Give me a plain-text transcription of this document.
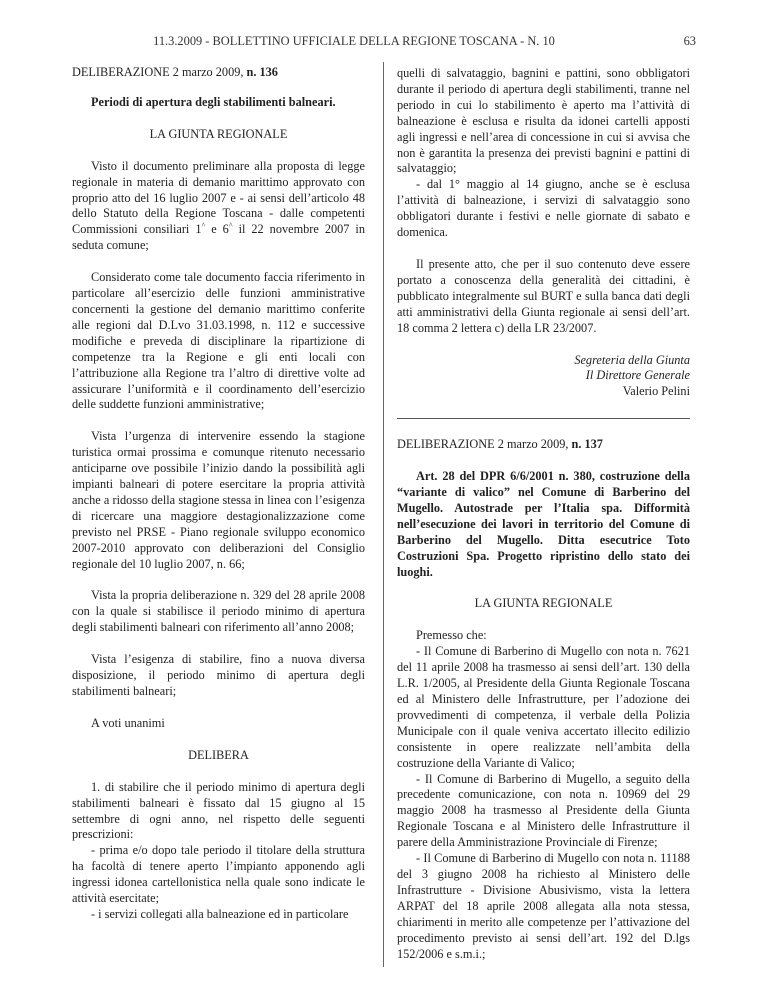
11.3.2009 - BOLLETTINO UFFICIALE DELLA REGIONE TOSCANA - N. 10	63

DELIBERAZIONE 2 marzo 2009, n. 136

Periodi di apertura degli stabilimenti balneari.

LA GIUNTA REGIONALE

Visto il documento preliminare alla proposta di legge regionale in materia di demanio marittimo approvato con proprio atto del 16 luglio 2007 e - ai sensi dell’articolo 48 dello Statuto della Regione Toscana - dalle competenti Commissioni consiliari 1^ e 6^ il 22 novembre 2007 in seduta comune;

Considerato come tale documento faccia riferimento in particolare all’esercizio delle funzioni amministrative concernenti la gestione del demanio marittimo conferite alle regioni dal D.Lvo 31.03.1998, n. 112 e successive modifiche e preveda di disciplinare la ripartizione di competenze tra la Regione e gli enti locali con l’attribuzione alla Regione tra l’altro di direttive volte ad assicurare l’uniformità e il coordinamento dell’esercizio delle suddette funzioni amministrative;

Vista l’urgenza di intervenire essendo la stagione turistica ormai prossima e comunque ritenuto necessario anticiparne ove possibile l’inizio dando la possibilità agli impianti balneari di potere esercitare la propria attività anche a ridosso della stagione stessa in linea con l’esigenza di ricercare una maggiore destagionalizzazione come previsto nel PRSE - Piano regionale sviluppo economico 2007-2010 approvato con deliberazioni del Consiglio regionale del 10 luglio 2007, n. 66;

Vista la propria deliberazione n. 329 del 28 aprile 2008 con la quale si stabilisce il periodo minimo di apertura degli stabilimenti balneari con riferimento all’anno 2008;

Vista l’esigenza di stabilire, fino a nuova diversa disposizione, il periodo minimo di apertura degli stabilimenti balneari;

A voti unanimi

DELIBERA

1. di stabilire che il periodo minimo di apertura degli stabilimenti balneari è fissato dal 15 giugno al 15 settembre di ogni anno, nel rispetto delle seguenti prescrizioni:

- prima e/o dopo tale periodo il titolare della struttura ha facoltà di tenere aperto l’impianto apponendo agli ingressi idonea cartellonistica nella quale sono indicate le attività esercitate;

- i servizi collegati alla balneazione ed in particolare

quelli di salvataggio, bagnini e pattini, sono obbligatori durante il periodo di apertura degli stabilimenti, tranne nel periodo in cui lo stabilimento è aperto ma l’attività di balneazione è esclusa e risulta da idonei cartelli apposti agli ingressi e nell’area di concessione in cui si avvisa che non è garantita la presenza dei previsti bagnini e pattini di salvataggio;

- dal 1° maggio al 14 giugno, anche se è esclusa l’attività di balneazione, i servizi di salvataggio sono obbligatori durante i festivi e nelle giornate di sabato e domenica.

Il presente atto, che per il suo contenuto deve essere portato a conoscenza della generalità dei cittadini, è pubblicato integralmente sul BURT e sulla banca dati degli atti amministrativi della Giunta regionale ai sensi dell’art. 18 comma 2 lettera c) della LR 23/2007.

Segreteria della Giunta

Il Direttore Generale

Valerio Pelini

DELIBERAZIONE 2 marzo 2009, n. 137

Art. 28 del DPR 6/6/2001 n. 380, costruzione della “variante di valico” nel Comune di Barberino del Mugello. Autostrade per l’Italia spa. Difformità nell’esecuzione dei lavori in territorio del Comune di Barberino del Mugello. Ditta esecutrice Toto Costruzioni Spa. Progetto ripristino dello stato dei luoghi.

LA GIUNTA REGIONALE

Premesso che:

- Il Comune di Barberino di Mugello con nota n. 7621 del 11 aprile 2008 ha trasmesso ai sensi dell’art. 130 della L.R. 1/2005, al Presidente della Giunta Regionale Toscana ed al Ministero delle Infrastrutture, per l’adozione dei provvedimenti di competenza, il verbale della Polizia Municipale con il quale veniva accertato illecito edilizio consistente in opere realizzate nell’ambita della costruzione della Variante di Valico;

- Il Comune di Barberino di Mugello, a seguito della precedente comunicazione, con nota n. 10969 del 29 maggio 2008 ha trasmesso al Presidente della Giunta Regionale Toscana e al Ministero delle Infrastrutture il parere della Amministrazione Provinciale di Firenze;

- Il Comune di Barberino di Mugello con nota n. 11188 del 3 giugno 2008 ha richiesto al Ministero delle Infrastrutture - Divisione Abusivismo, vista la lettera ARPAT del 18 aprile 2008 allegata alla nota stessa, chiarimenti in merito alle competenze per l’attivazione del procedimento previsto ai sensi dell’art. 192 del D.lgs 152/2006 e s.m.i.;
